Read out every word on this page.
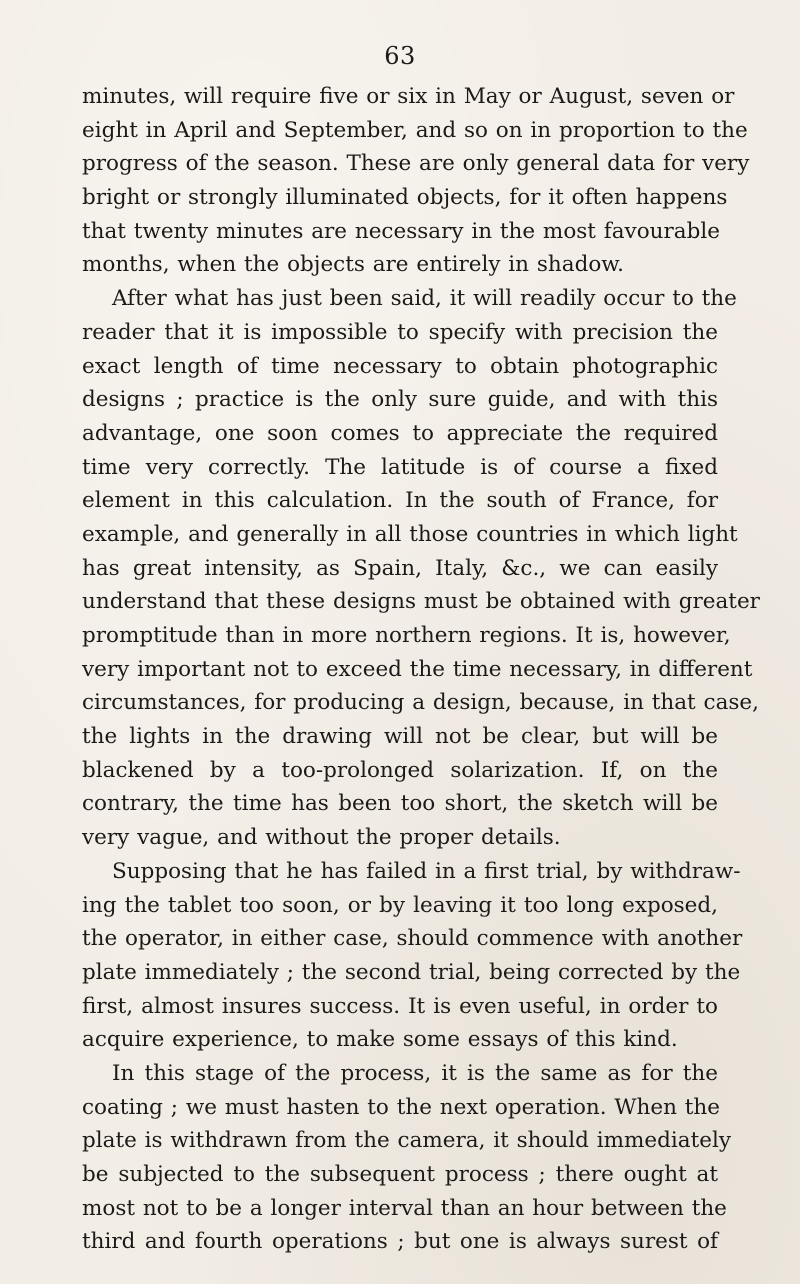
63
minutes, will require five or six in May or August, seven or
eight in April and September, and so on in proportion to the
progress of the season. These are only general data for very
bright or strongly illuminated objects, for it often happens
that twenty minutes are necessary in the most favourable
months, when the objects are entirely in shadow.
After what has just been said, it will readily occur to the
reader that it is impossible to specify with precision the
exact length of time necessary to obtain photographic
designs ; practice is the only sure guide, and with this
advantage, one soon comes to appreciate the required
time very correctly. The latitude is of course a fixed
element in this calculation. In the south of France, for
example, and generally in all those countries in which light
has great intensity, as Spain, Italy, &c., we can easily
understand that these designs must be obtained with greater
promptitude than in more northern regions. It is, however,
very important not to exceed the time necessary, in different
circumstances, for producing a design, because, in that case,
the lights in the drawing will not be clear, but will be
blackened by a too-prolonged solarization. If, on the
contrary, the time has been too short, the sketch will be
very vague, and without the proper details.
Supposing that he has failed in a first trial, by withdraw-
ing the tablet too soon, or by leaving it too long exposed,
the operator, in either case, should commence with another
plate immediately ; the second trial, being corrected by the
first, almost insures success. It is even useful, in order to
acquire experience, to make some essays of this kind.
In this stage of the process, it is the same as for the
coating ; we must hasten to the next operation. When the
plate is withdrawn from the camera, it should immediately
be subjected to the subsequent process ; there ought at
most not to be a longer interval than an hour between the
third and fourth operations ; but one is always surest of
